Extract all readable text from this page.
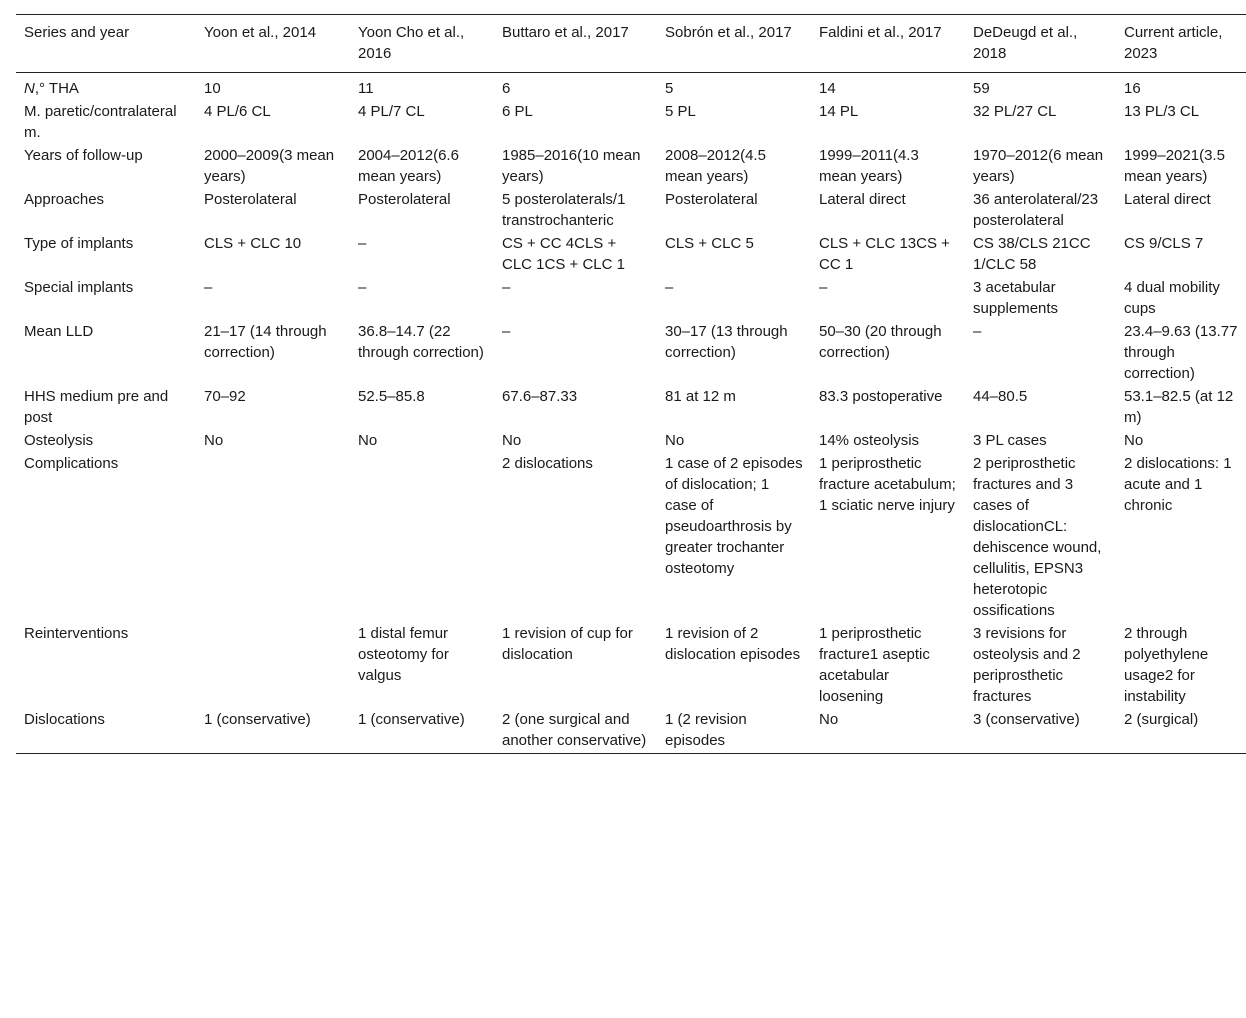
Series and year	Yoon et al., 2014	Yoon Cho et al., 2016	Buttaro et al., 2017	Sobrón et al., 2017	Faldini et al., 2017	DeDeugd et al., 2018	Current article, 2023
N,° THA	10	11	6	5	14	59	16
M. paretic/contralateral m.	4 PL/6 CL	4 PL/7 CL	6 PL	5 PL	14 PL	32 PL/27 CL	13 PL/3 CL
Years of follow-up	2000–2009(3 mean years)	2004–2012(6.6 mean years)	1985–2016(10 mean years)	2008–2012(4.5 mean years)	1999–2011(4.3 mean years)	1970–2012(6 mean years)	1999–2021(3.5 mean years)
Approaches	Posterolateral	Posterolateral	5 posterolaterals/1 transtrochanteric	Posterolateral	Lateral direct	36 anterolateral/23 posterolateral	Lateral direct
Type of implants	CLS + CLC 10	–	CS + CC 4CLS + CLC 1CS + CLC 1	CLS + CLC 5	CLS + CLC 13CS + CC 1	CS 38/CLS 21CC 1/CLC 58	CS 9/CLS 7
Special implants	–	–	–	–	–	3 acetabular supplements	4 dual mobility cups
Mean LLD	21–17 (14 through correction)	36.8–14.7 (22 through correction)	–	30–17 (13 through correction)	50–30 (20 through correction)	–	23.4–9.63 (13.77 through correction)
HHS medium pre and post	70–92	52.5–85.8	67.6–87.33	81 at 12 m	83.3 postoperative	44–80.5	53.1–82.5 (at 12 m)
Osteolysis	No	No	No	No	14% osteolysis	3 PL cases	No
Complications			2 dislocations	1 case of 2 episodes of dislocation; 1 case of pseudoarthrosis by greater trochanter osteotomy	1 periprosthetic fracture acetabulum; 1 sciatic nerve injury	2 periprosthetic fractures and 3 cases of dislocationCL: dehiscence wound, cellulitis, EPSN3 heterotopic ossifications	2 dislocations: 1 acute and 1 chronic
Reinterventions		1 distal femur osteotomy for valgus	1 revision of cup for dislocation	1 revision of 2 dislocation episodes	1 periprosthetic fracture1 aseptic acetabular loosening	3 revisions for osteolysis and 2 periprosthetic fractures	2 through polyethylene usage2 for instability
Dislocations	1 (conservative)	1 (conservative)	2 (one surgical and another conservative)	1 (2 revision episodes	No	3 (conservative)	2 (surgical)
